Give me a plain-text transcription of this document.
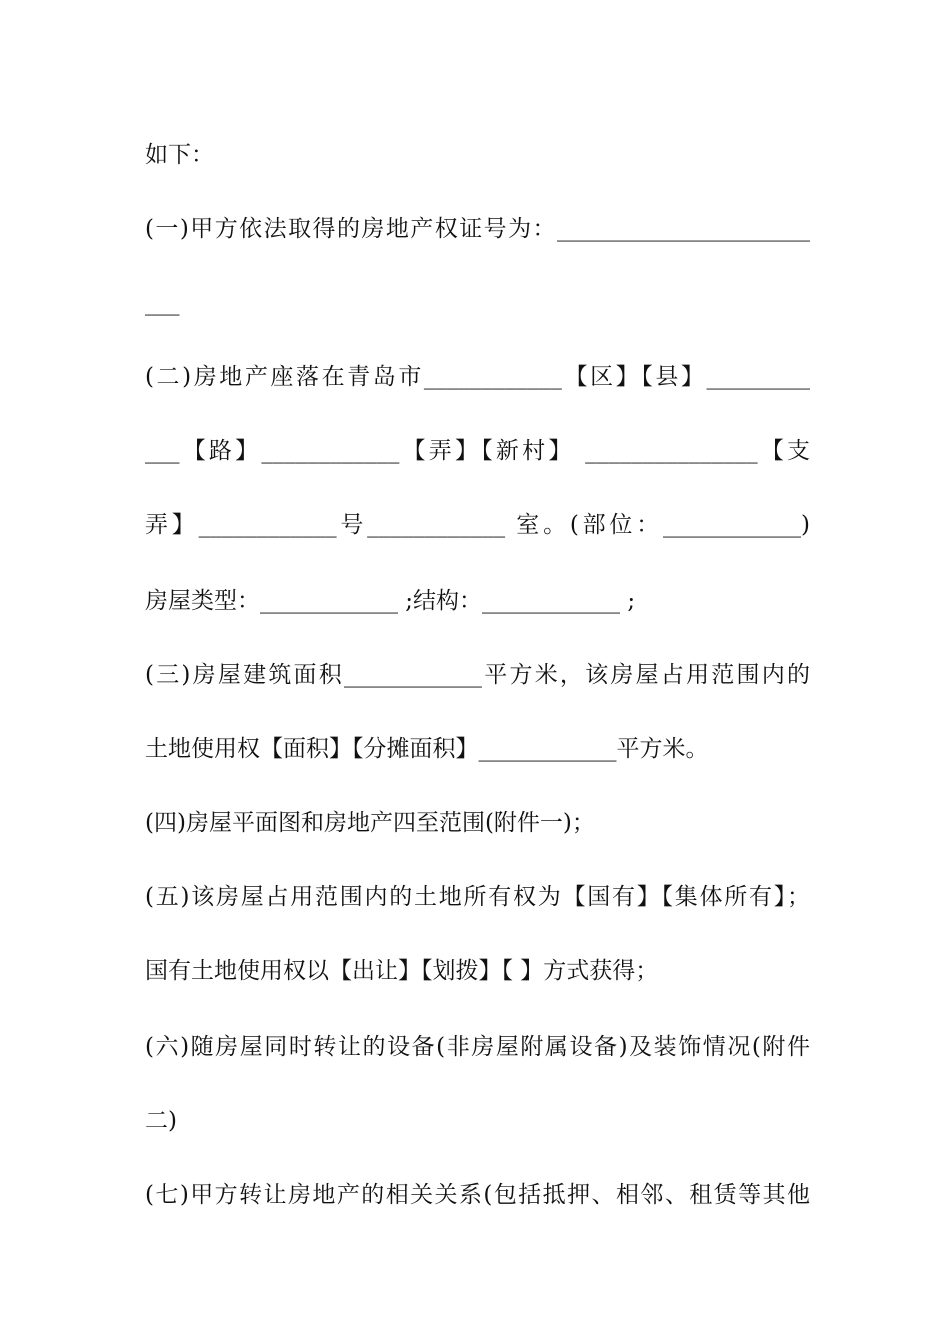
如下：
(一)甲方依法取得的房地产权证号为：______________________
___
(二)房地产座落在青岛市____________【区】【县】_________
___【路】____________【弄】【新村】 _______________【支
弄】____________号____________ 室。(部位：____________)
房屋类型：____________ ;结构：____________ ;
(三)房屋建筑面积____________平方米，该房屋占用范围内的
土地使用权【面积】【分摊面积】____________平方米。
(四)房屋平面图和房地产四至范围(附件一)；
(五)该房屋占用范围内的土地所有权为【国有】【集体所有】；
国有土地使用权以【出让】【划拨】【 】方式获得；
(六)随房屋同时转让的设备(非房屋附属设备)及装饰情况(附件
二)
(七)甲方转让房地产的相关关系(包括抵押、相邻、租赁等其他
